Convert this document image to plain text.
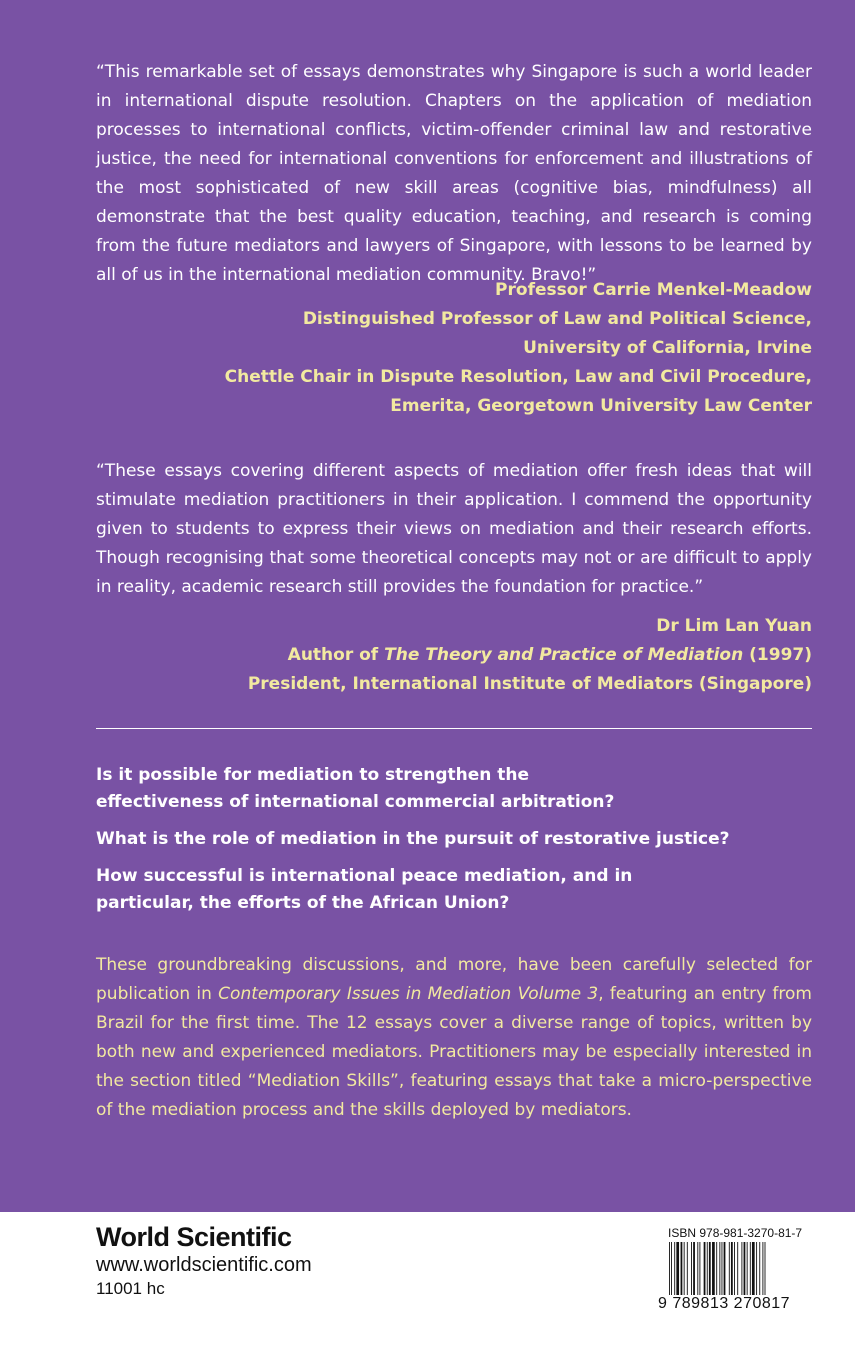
“This remarkable set of essays demonstrates why Singapore is such a world leader in international dispute resolution. Chapters on the application of mediation processes to international conflicts, victim-offender criminal law and restorative justice, the need for international conventions for enforcement and illustrations of the most sophisticated of new skill areas (cognitive bias, mindfulness) all demonstrate that the best quality education, teaching, and research is coming from the future mediators and lawyers of Singapore, with lessons to be learned by all of us in the international mediation community. Bravo!”

Professor Carrie Menkel-Meadow
Distinguished Professor of Law and Political Science,
University of California, Irvine
Chettle Chair in Dispute Resolution, Law and Civil Procedure,
Emerita, Georgetown University Law Center

“These essays covering different aspects of mediation offer fresh ideas that will stimulate mediation practitioners in their application. I commend the opportunity given to students to express their views on mediation and their research efforts. Though recognising that some theoretical concepts may not or are difficult to apply in reality, academic research still provides the foundation for practice.”

Dr Lim Lan Yuan
Author of The Theory and Practice of Mediation (1997)
President, International Institute of Mediators (Singapore)
Is it possible for mediation to strengthen the effectiveness of international commercial arbitration?
What is the role of mediation in the pursuit of restorative justice?
How successful is international peace mediation, and in particular, the efforts of the African Union?
These groundbreaking discussions, and more, have been carefully selected for publication in Contemporary Issues in Mediation Volume 3, featuring an entry from Brazil for the first time. The 12 essays cover a diverse range of topics, written by both new and experienced mediators. Practitioners may be especially interested in the section titled “Mediation Skills”, featuring essays that take a micro-perspective of the mediation process and the skills deployed by mediators.
World Scientific
www.worldscientific.com
11001 hc
ISBN 978-981-3270-81-7
9 789813 270817
